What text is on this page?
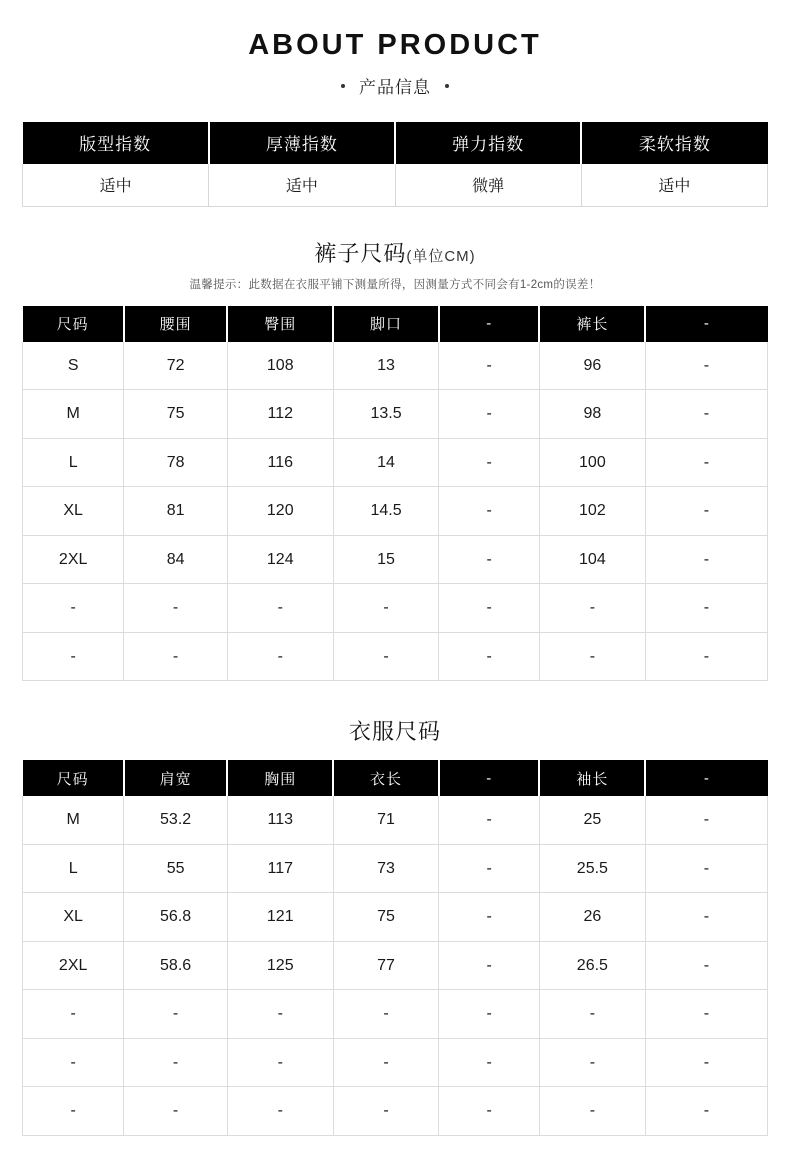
ABOUT PRODUCT
产品信息
版型指数	厚薄指数	弹力指数	柔软指数
适中	适中	微弹	适中
裤子尺码(单位CM)
温馨提示：此数据在衣服平铺下测量所得，因测量方式不同会有1-2cm的误差！
尺码	腰围	臀围	脚口	-	裤长	-
S	72	108	13	-	96	-
M	75	112	13.5	-	98	-
L	78	116	14	-	100	-
XL	81	120	14.5	-	102	-
2XL	84	124	15	-	104	-
-	-	-	-	-	-	-
-	-	-	-	-	-	-
衣服尺码
尺码	肩宽	胸围	衣长	-	袖长	-
M	53.2	113	71	-	25	-
L	55	117	73	-	25.5	-
XL	56.8	121	75	-	26	-
2XL	58.6	125	77	-	26.5	-
-	-	-	-	-	-	-
-	-	-	-	-	-	-
-	-	-	-	-	-	-
